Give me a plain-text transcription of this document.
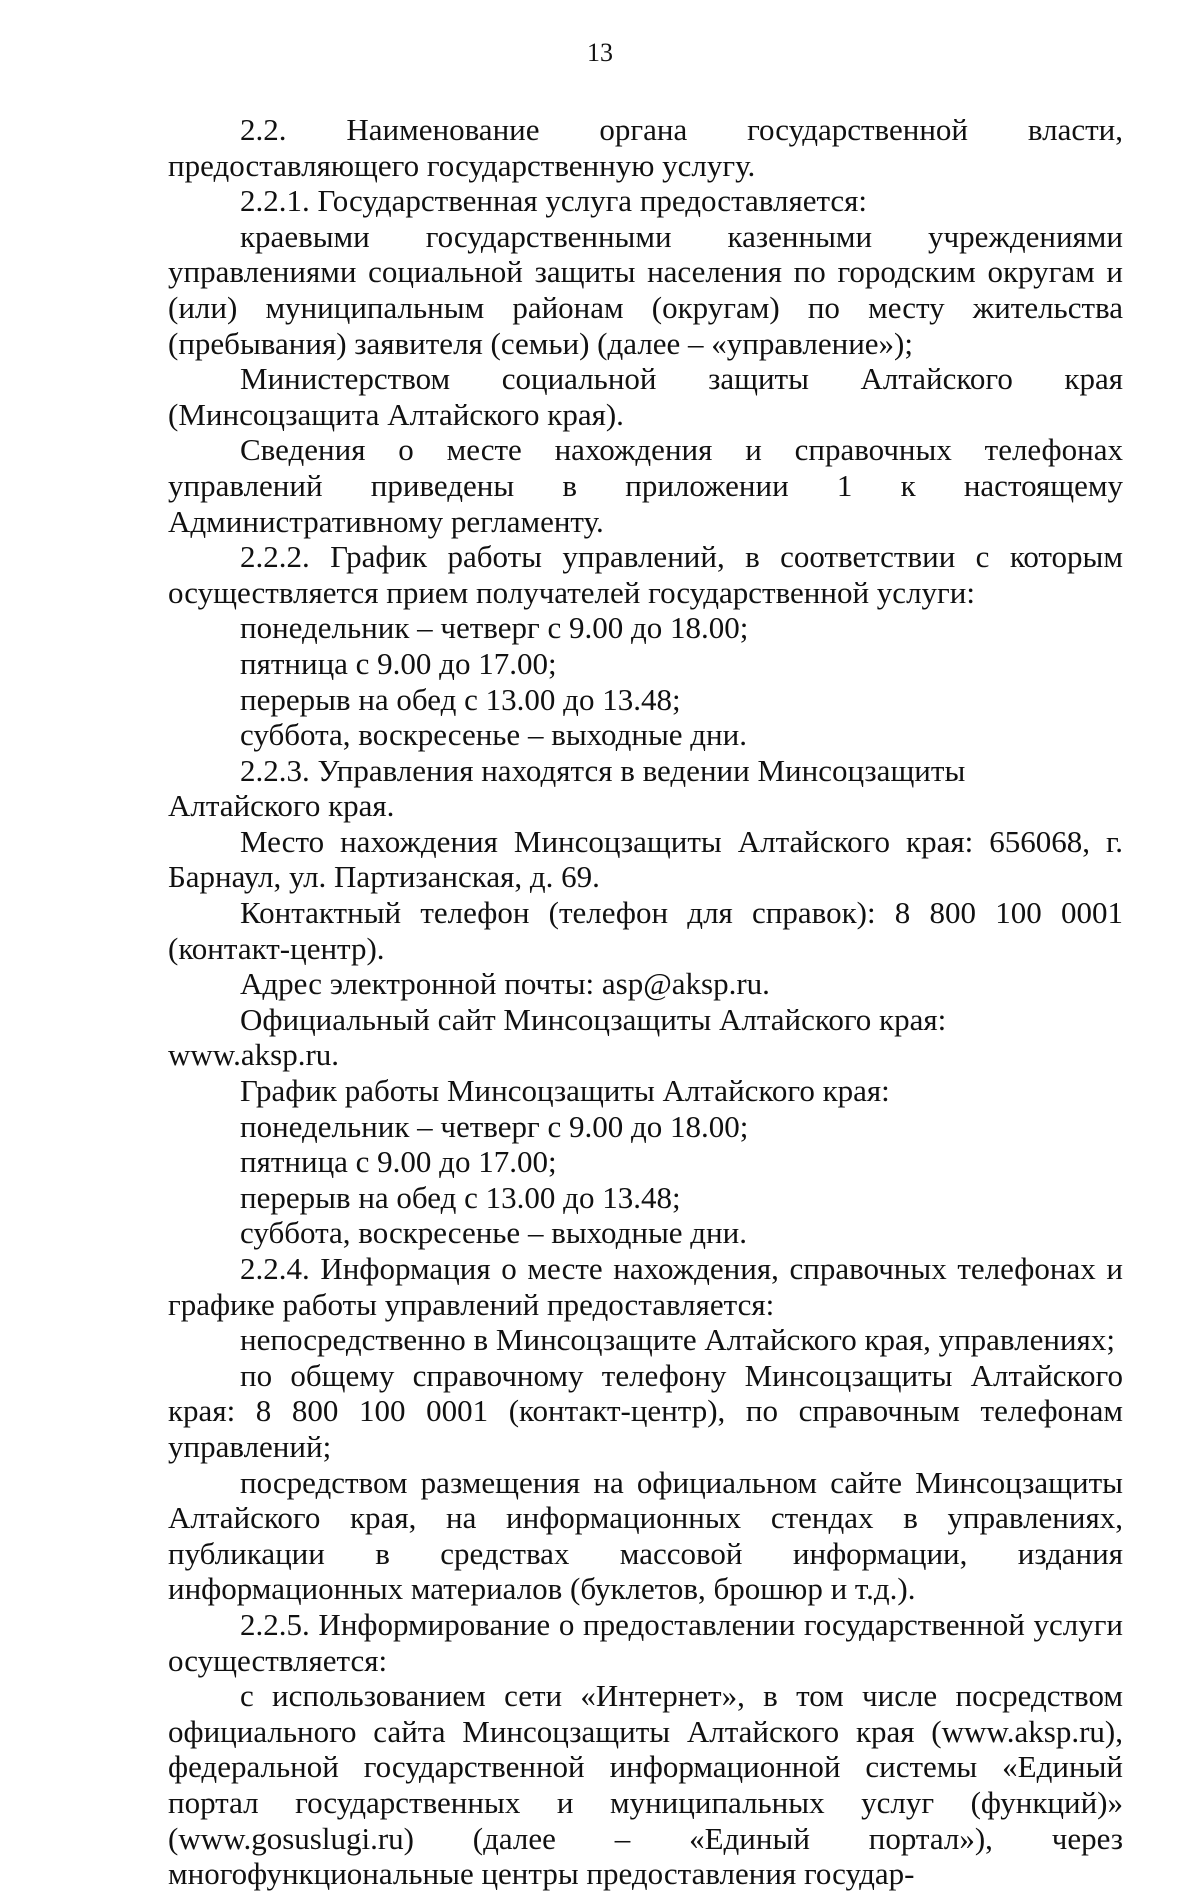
13

2.2. Наименование органа государственной власти, предоставляющего государственную услугу.

2.2.1. Государственная услуга предоставляется:

краевыми государственными казенными учреждениями управлениями социальной защиты населения по городским округам и (или) муниципальным районам (округам) по месту жительства (пребывания) заявителя (семьи) (далее – «управление»);

Министерством социальной защиты Алтайского края (Минсоцзащита Алтайского края).

Сведения о месте нахождения и справочных телефонах управлений приведены в приложении 1 к настоящему Административному регламенту.

2.2.2. График работы управлений, в соответствии с которым осуществляется прием получателей государственной услуги:

понедельник – четверг с 9.00 до 18.00;

пятница с 9.00 до 17.00;

перерыв на обед с 13.00 до 13.48;

суббота, воскресенье – выходные дни.

2.2.3. Управления находятся в ведении Минсоцзащиты Алтайского края.

Место нахождения Минсоцзащиты Алтайского края: 656068, г. Барнаул, ул. Партизанская, д. 69.

Контактный телефон (телефон для справок): 8 800 100 0001 (контакт-центр).

Адрес электронной почты: asp@aksp.ru.

Официальный сайт Минсоцзащиты Алтайского края: www.aksp.ru.

График работы Минсоцзащиты Алтайского края:

понедельник – четверг с 9.00 до 18.00;

пятница с 9.00 до 17.00;

перерыв на обед с 13.00 до 13.48;

суббота, воскресенье – выходные дни.

2.2.4. Информация о месте нахождения, справочных телефонах и графике работы управлений предоставляется:

непосредственно в Минсоцзащите Алтайского края, управлениях;

по общему справочному телефону Минсоцзащиты Алтайского края: 8 800 100 0001 (контакт-центр), по справочным телефонам управлений;

посредством размещения на официальном сайте Минсоцзащиты Алтайского края, на информационных стендах в управлениях, публикации в средствах массовой информации, издания информационных материалов (буклетов, брошюр и т.д.).

2.2.5. Информирование о предоставлении государственной услуги осуществляется:

с использованием сети «Интернет», в том числе посредством официального сайта Минсоцзащиты Алтайского края (www.aksp.ru), федеральной государственной информационной системы «Единый портал государственных и муниципальных услуг (функций)» (www.gosuslugi.ru) (далее – «Единый портал»), через многофункциональные центры предоставления государ-
